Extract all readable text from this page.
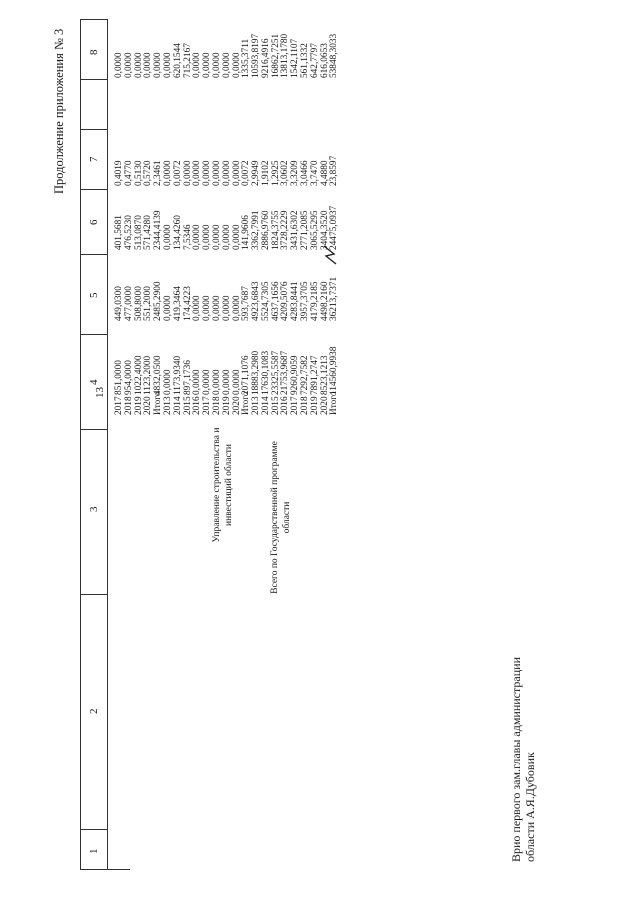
Продолжение приложения № 3
13
1
2
3
4
5
6
7
8
Управление строительства и инвестиций области	Всего по Государственной программе области
2017
851,0000
449,0300
401,5681
0,4019
0,0000
2018
954,0000
477,0000
476,5230
0,4770
0,0000
2019
1022,4000
508,8000
513,0870
0,5130
0,0000
2020
1123,2000
551,2000
571,4280
0,5720
0,0000
Итого
4832,0500
2485,2900
2344,4139
2,3461
0,0000
2013
0,0000
0,0000
0,0000
0,0000
0,0000
2014
1173,9340
419,3464
134,4260
0,0072
620,1544
2015
897,1736
174,4223
7,5346
0,0000
715,2167
2016
0,0000
0,0000
0,0000
0,0000
0,0000
2017
0,0000
0,0000
0,0000
0,0000
0,0000
2018
0,0000
0,0000
0,0000
0,0000
0,0000
2019
0,0000
0,0000
0,0000
0,0000
0,0000
2020
0,0000
0,0000
0,0000
0,0000
0,0000
Итого
2071,1076
593,7687
141,9606
0,0072
1335,3711
2013
18883,2980
4923,6843
3362,7991
2,9949
10593,8197
2014
17630,1083
5524,7305
2886,9760
1,9102
9216,4916
2015
23325,5587
4637,1656
1824,3755
1,2925
16862,7251
2016
21753,9687
4209,5076
3728,2229
3,0602
13813,1780
2017
9260,9059
4283,8441
3431,6302
3,3209
1542,1107
2018
7292,7582
3957,3705
2771,2085
3,0466
561,1332
2019
7891,2747
4179,2185
3065,5295
3,7470
642,7797
2020
8523,1213
4498,2160
3404,3520
4,4880
616,0653
Итого
114560,9938
36213,7371
24475,0937
23,8597
53848,3033
Врио первого зам.главы администрации области А.Я.Дубовик
